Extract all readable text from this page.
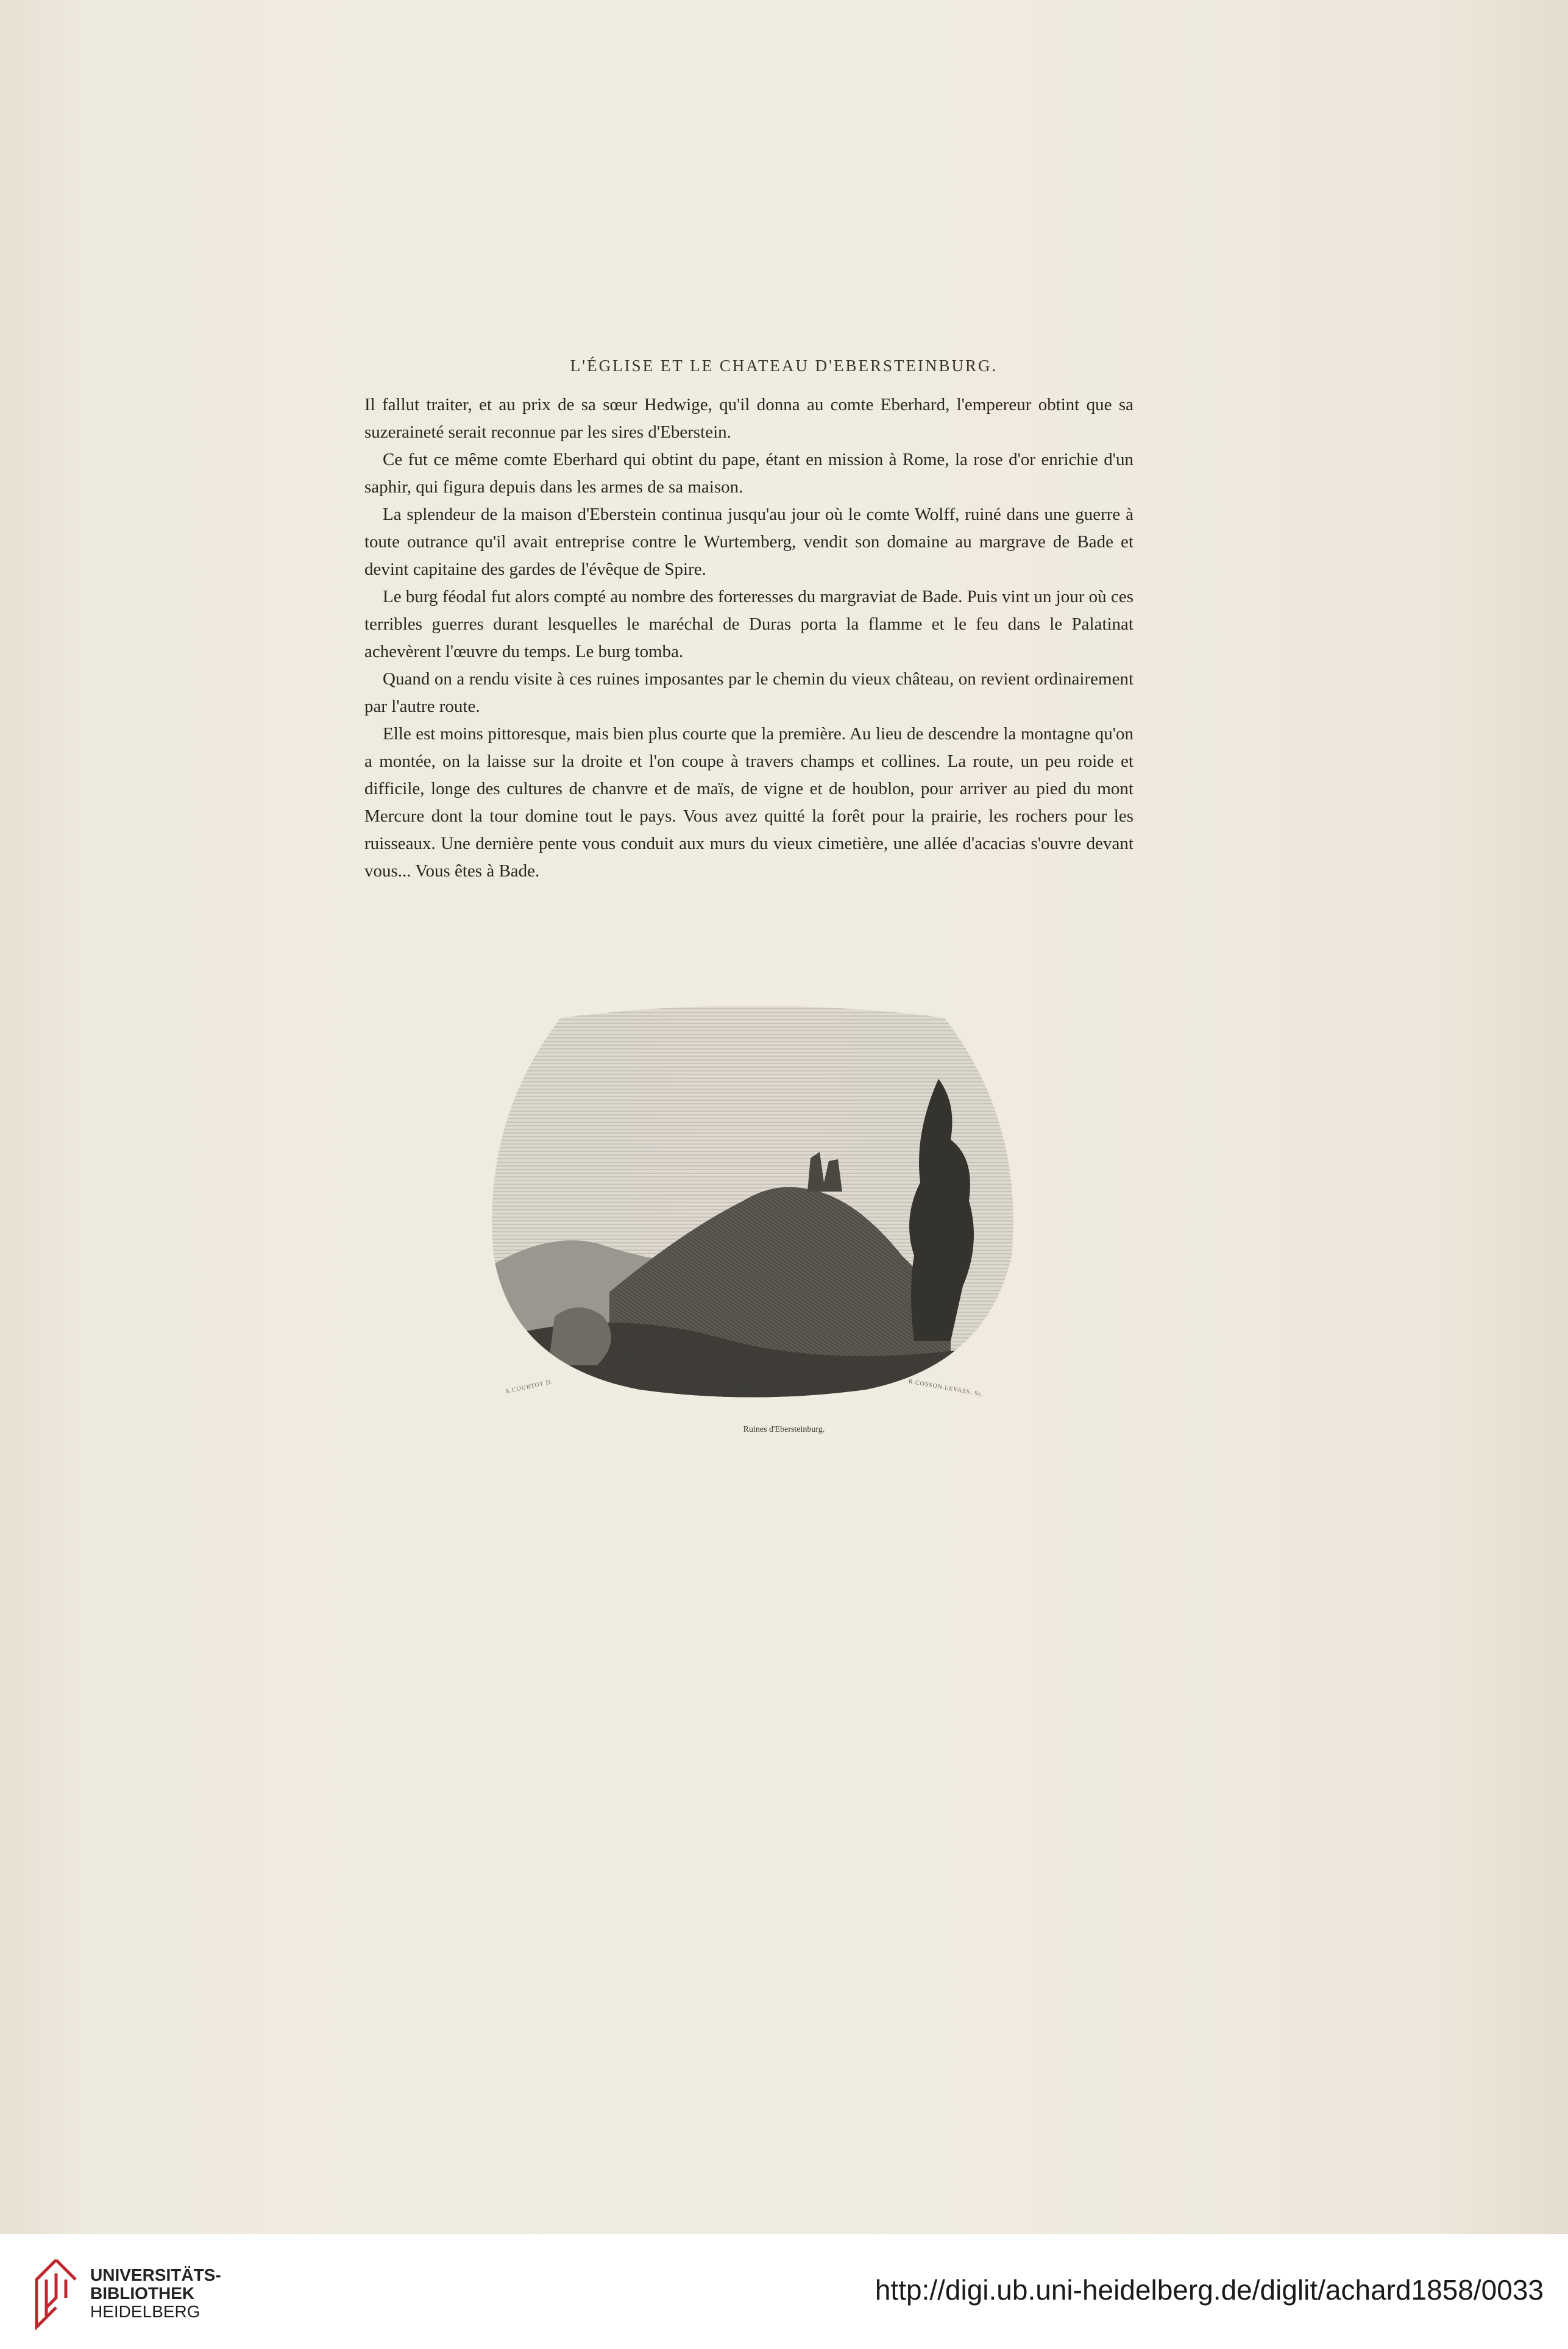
L'ÉGLISE ET LE CHATEAU D'EBERSTEINBURG.

Il fallut traiter, et au prix de sa sœur Hedwige, qu'il donna au comte Eberhard, l'empereur obtint que sa suzeraineté serait reconnue par les sires d'Eberstein.

Ce fut ce même comte Eberhard qui obtint du pape, étant en mission à Rome, la rose d'or enrichie d'un saphir, qui figura depuis dans les armes de sa maison.

La splendeur de la maison d'Eberstein continua jusqu'au jour où le comte Wolff, ruiné dans une guerre à toute outrance qu'il avait entreprise contre le Wurtemberg, vendit son domaine au margrave de Bade et devint capitaine des gardes de l'évêque de Spire.

Le burg féodal fut alors compté au nombre des forteresses du margraviat de Bade. Puis vint un jour où ces terribles guerres durant lesquelles le maréchal de Duras porta la flamme et le feu dans le Palatinat achevèrent l'œuvre du temps. Le burg tomba.

Quand on a rendu visite à ces ruines imposantes par le chemin du vieux château, on revient ordinairement par l'autre route.

Elle est moins pittoresque, mais bien plus courte que la première. Au lieu de descendre la montagne qu'on a montée, on la laisse sur la droite et l'on coupe à travers champs et collines. La route, un peu roide et difficile, longe des cultures de chanvre et de maïs, de vigne et de houblon, pour arriver au pied du mont Mercure dont la tour domine tout le pays. Vous avez quitté la forêt pour la prairie, les rochers pour les ruisseaux. Une dernière pente vous conduit aux murs du vieux cimetière, une allée d'acacias s'ouvre devant vous... Vous êtes à Bade.

A.COURTOT D.	R.COSSON.LEVASS. Sc.
Ruines d'Ebersteinburg.
UNIVERSITÄTS-
BIBLIOTHEK
HEIDELBERG
http://digi.ub.uni-heidelberg.de/diglit/achard1858/0033
